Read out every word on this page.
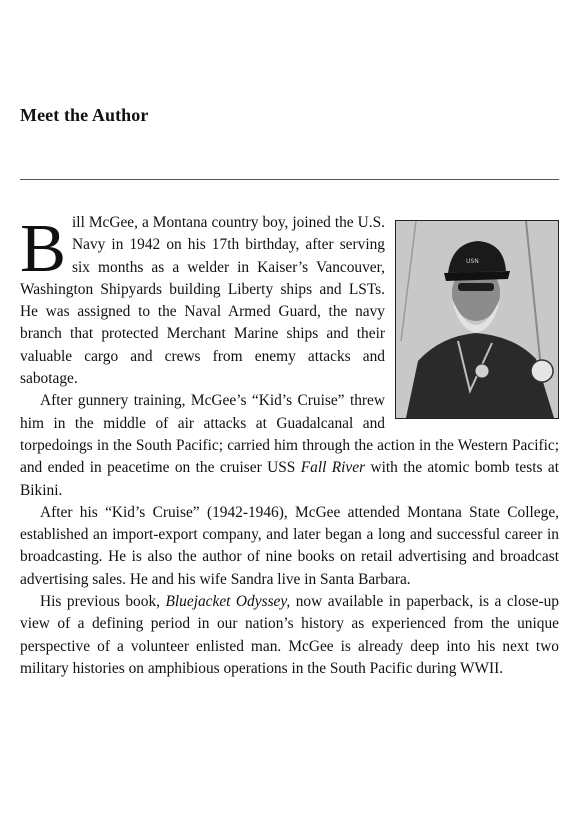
Meet the Author
USN

Bill McGee, a Montana country boy, joined the U.S. Navy in 1942 on his 17th birthday, after serving six months as a welder in Kaiser’s Vancouver, Washington Shipyards building Liberty ships and LSTs. He was assigned to the Naval Armed Guard, the navy branch that protected Merchant Marine ships and their valuable cargo and crews from enemy attacks and sabotage.

After gunnery training, McGee’s “Kid’s Cruise” threw him in the middle of air attacks at Guadalcanal and torpedoings in the South Pacific; carried him through the action in the Western Pacific; and ended in peacetime on the cruiser USS Fall River with the atomic bomb tests at Bikini.

After his “Kid’s Cruise” (1942-1946), McGee attended Montana State College, established an import-export company, and later began a long and successful career in broadcasting. He is also the author of nine books on retail advertising and broadcast advertising sales. He and his wife Sandra live in Santa Barbara.

His previous book, Bluejacket Odyssey, now available in paperback, is a close-up view of a defining period in our nation’s history as experienced from the unique perspective of a volunteer enlisted man. McGee is already deep into his next two military histories on amphibious operations in the South Pacific during WWII.
